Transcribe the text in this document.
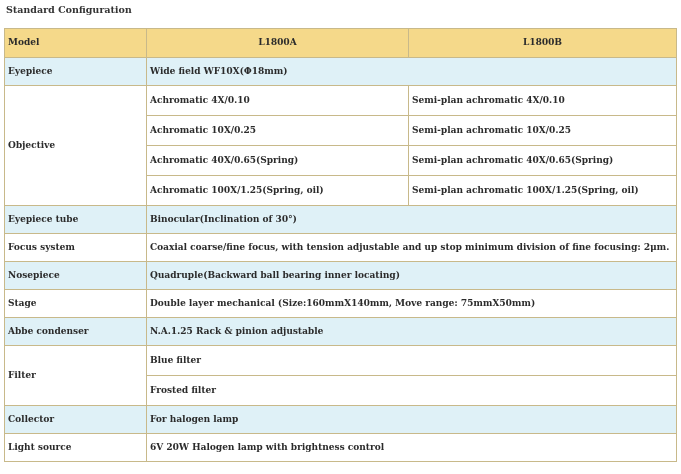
Standard Configuration
Model	L1800A	L1800B
Eyepiece	Wide field WF10X(Φ18mm)	
Objective	Achromatic 4X/0.10	Semi-plan achromatic 4X/0.10
	Achromatic 10X/0.25	Semi-plan achromatic 10X/0.25
	Achromatic 40X/0.65(Spring)	Semi-plan achromatic 40X/0.65(Spring)
	Achromatic 100X/1.25(Spring, oil)	Semi-plan achromatic 100X/1.25(Spring, oil)
Eyepiece tube	Binocular(Inclination of 30°)	
Focus system	Coaxial coarse/fine focus, with tension adjustable and up stop minimum division of fine focusing: 2μm.	
Nosepiece	Quadruple(Backward ball bearing inner locating)	
Stage	Double layer mechanical (Size:160mmX140mm, Move range: 75mmX50mm)	
Abbe condenser	N.A.1.25 Rack & pinion adjustable	
Filter	Blue filter	
	Frosted filter	
Collector	For halogen lamp	
Light source	6V 20W Halogen lamp with brightness control	
